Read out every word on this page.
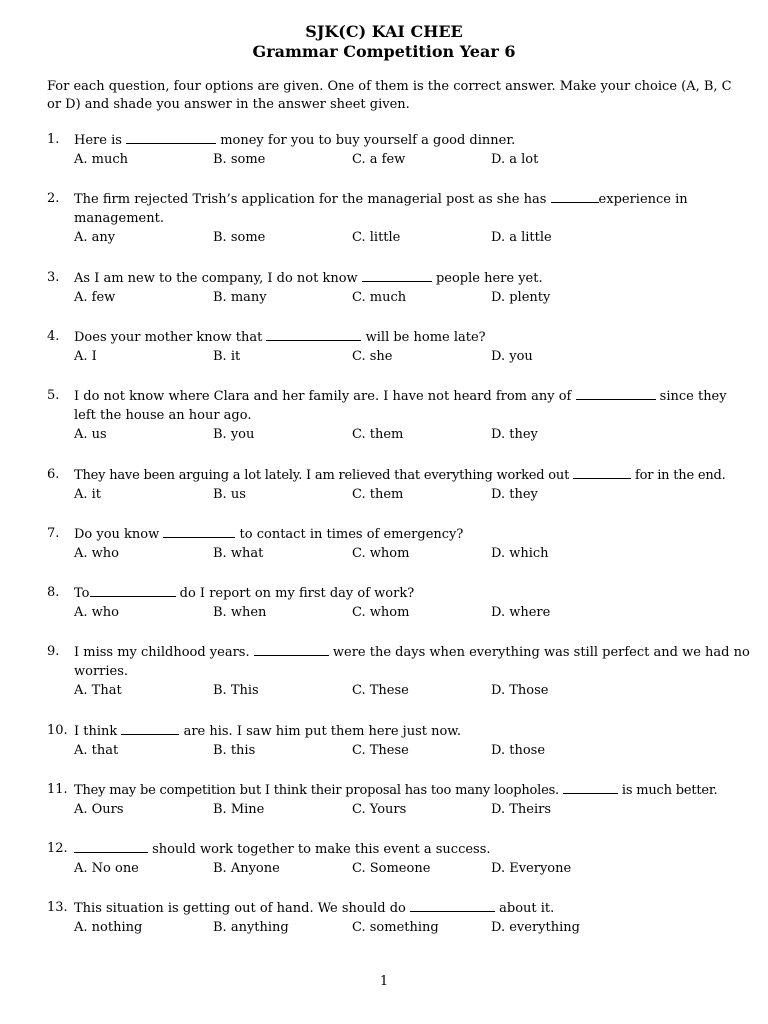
SJK(C) KAI CHEE
Grammar Competition Year 6
For each question, four options are given. One of them is the correct answer. Make your choice (A, B, C or D) and shade you answer in the answer sheet given.
1.	Here is	money for you to buy yourself a good dinner.
A. much	B. some	C. a few	D. a lot
2.	The firm rejected Trish’s application for the managerial post as she has	experience in management.
A. any	B. some	C. little	D. a little
3.	As I am new to the company, I do not know	people here yet.
A. few	B. many	C. much	D. plenty
4.	Does your mother know that	will be home late?
A. I	B. it	C. she	D. you
5.	I do not know where Clara and her family are. I have not heard from any of	since they left the house an hour ago.
A. us	B. you	C. them	D. they
6.	They have been arguing a lot lately. I am relieved that everything worked out	for in the end.
A. it	B. us	C. them	D. they
7.	Do you know	to contact in times of emergency?
A. who	B. what	C. whom	D. which
8.	To	do I report on my first day of work?
A. who	B. when	C. whom	D. where
9.	I miss my childhood years.	were the days when everything was still perfect and we had no worries.
A. That	B. This	C. These	D. Those
10. I think	are his. I saw him put them here just now.
A. that	B. this	C. These	D. those
11. They may be competition but I think their proposal has too many loopholes.	is much better.
A. Ours	B. Mine	C. Yours	D. Theirs
12.	should work together to make this event a success.
A. No one	B. Anyone	C. Someone	D. Everyone
13. This situation is getting out of hand. We should do	about it.
A. nothing	B. anything	C. something	D. everything
1
